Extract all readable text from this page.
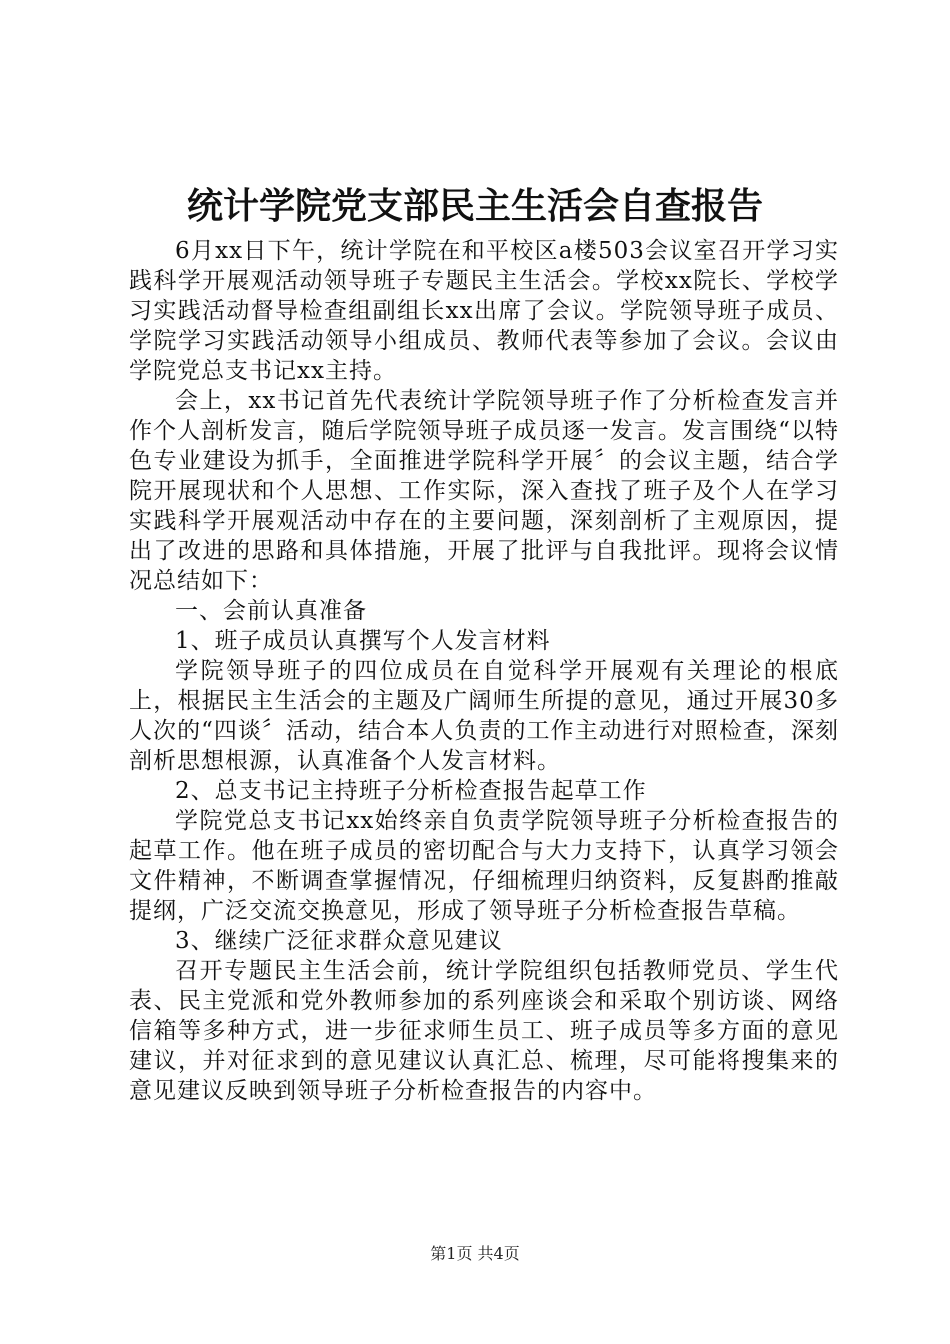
统计学院党支部民主生活会自查报告

6月xx日下午，统计学院在和平校区a楼503会议室召开学习实践科学开展观活动领导班子专题民主生活会。学校xx院长、学校学习实践活动督导检查组副组长xx出席了会议。学院领导班子成员、学院学习实践活动领导小组成员、教师代表等参加了会议。会议由学院党总支书记xx主持。

会上，xx书记首先代表统计学院领导班子作了分析检查发言并作个人剖析发言，随后学院领导班子成员逐一发言。发言围绕“以特色专业建设为抓手，全面推进学院科学开展〞的会议主题，结合学院开展现状和个人思想、工作实际，深入查找了班子及个人在学习实践科学开展观活动中存在的主要问题，深刻剖析了主观原因，提出了改进的思路和具体措施，开展了批评与自我批评。现将会议情况总结如下：

一、会前认真准备

1、班子成员认真撰写个人发言材料

学院领导班子的四位成员在自觉科学开展观有关理论的根底上，根据民主生活会的主题及广阔师生所提的意见，通过开展30多人次的“四谈〞活动，结合本人负责的工作主动进行对照检查，深刻剖析思想根源，认真准备个人发言材料。

2、总支书记主持班子分析检查报告起草工作

学院党总支书记xx始终亲自负责学院领导班子分析检查报告的起草工作。他在班子成员的密切配合与大力支持下，认真学习领会文件精神，不断调查掌握情况，仔细梳理归纳资料，反复斟酌推敲提纲，广泛交流交换意见，形成了领导班子分析检查报告草稿。

3、继续广泛征求群众意见建议

召开专题民主生活会前，统计学院组织包括教师党员、学生代表、民主党派和党外教师参加的系列座谈会和采取个别访谈、网络信箱等多种方式，进一步征求师生员工、班子成员等多方面的意见建议，并对征求到的意见建议认真汇总、梳理，尽可能将搜集来的意见建议反映到领导班子分析检查报告的内容中。

第1页 共4页
